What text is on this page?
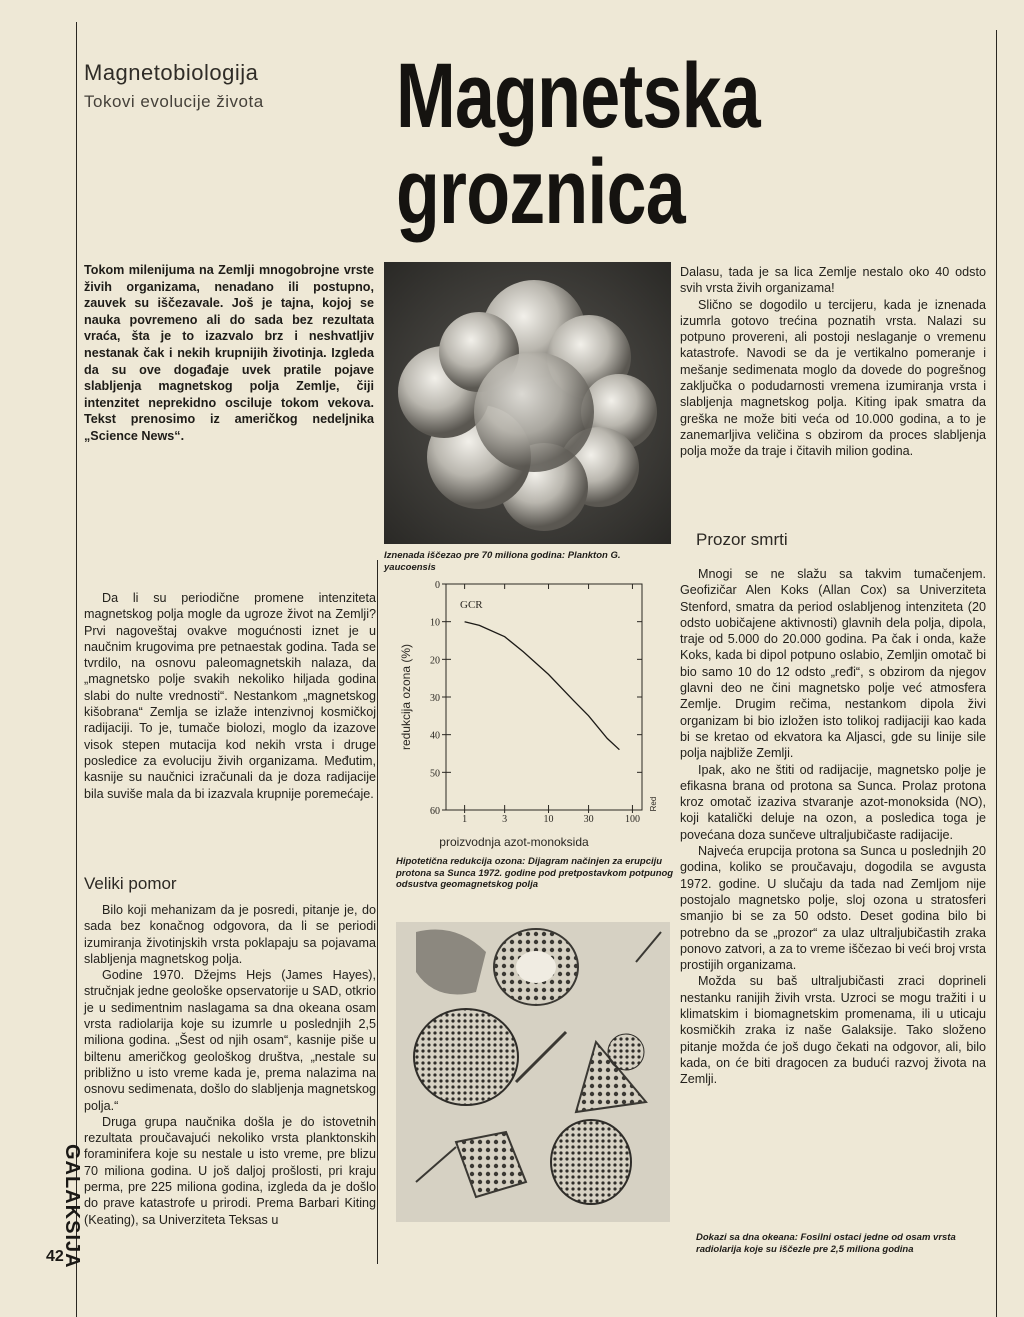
Magnetobiologija
Tokovi evolucije života Magnetska
groznica
Tokom milenijuma na Zemlji mnogobrojne vrste živih organizama, nenadano ili postupno, zauvek su iščezavale. Još je tajna, kojoj se nauka povremeno ali do sada bez rezultata vraća, šta je to izazvalo brz i neshvatljiv nestanak čak i nekih krupnijih životinja. Izgleda da su ove događaje uvek pratile pojave slabljenja magnetskog polja Zemlje, čiji intenzitet neprekidno osciluje tokom vekova. Tekst prenosimo iz američkog nedeljnika „Science News“.

Da li su periodične promene intenziteta magnetskog polja mogle da ugroze život na Zemlji? Prvi nagoveštaj ovakve mogućnosti iznet je u naučnim krugovima pre petnaestak godina. Tada se tvrdilo, na osnovu paleomagnetskih nalaza, da „magnetsko polje svakih nekoliko hiljada godina slabi do nulte vrednosti“. Nestankom „magnetskog kišobrana“ Zemlja se izlaže intenzivnoj kosmičkoj radijaciji. To je, tumače biolozi, moglo da izazove visok stepen mutacija kod nekih vrsta i druge posledice za evoluciju živih organizama. Međutim, kasnije su naučnici izračunali da je doza radijacije bila suviše mala da bi izazvala krupnije poremećaje.

Veliki pomor

Bilo koji mehanizam da je posredi, pitanje je, do sada bez konačnog odgovora, da li se periodi izumiranja životinjskih vrsta poklapaju sa pojavama slabljenja magnetskog polja.

Godine 1970. Džejms Hejs (James Hayes), stručnjak jedne geološke opservatorije u SAD, otkrio je u sedimentnim naslagama sa dna okeana osam vrsta radiolarija koje su izumrle u poslednjih 2,5 miliona godina. „Šest od njih osam“, kasnije piše u biltenu američkog geološkog društva, „nestale su približno u isto vreme kada je, prema nalazima na osnovu sedimenata, došlo do slabljenja magnetskog polja.“

Druga grupa naučnika došla je do istovetnih rezultata proučavajući nekoliko vrsta planktonskih foraminifera koje su nestale u isto vreme, pre blizu 70 miliona godina. U još daljoj prošlosti, pri kraju perma, pre 225 miliona godina, izgleda da je došlo do prave katastrofe u prirodi. Prema Barbari Kiting (Keating), sa Univerziteta Teksas u

Iznenada iščezao pre 70 miliona godina: Plankton G. yaucoensis
0
10
20
30
40
50
60
1	3	10	30	100
GCR
redukcija ozona (%)
proizvodnja azot-monoksida
Red
Hipotetična redukcija ozona: Dijagram načinjen za erupciju protona sa Sunca 1972. godine pod pretpostavkom potpunog odsustva geomagnetskog polja

Dalasu, tada je sa lica Zemlje nestalo oko 40 odsto svih vrsta živih organizama!

Slično se dogodilo u tercijeru, kada je iznenada izumrla gotovo trećina poznatih vrsta. Nalazi su potpuno provereni, ali postoji neslaganje o vremenu katastrofe. Navodi se da je vertikalno pomeranje i mešanje sedimenata moglo da dovede do pogrešnog zaključka o podudarnosti vremena izumiranja vrsta i slabljenja magnetskog polja. Kiting ipak smatra da greška ne može biti veća od 10.000 godina, a to je zanemarljiva veličina s obzirom da proces slabljenja polja može da traje i čitavih milion godina.

Prozor smrti

Mnogi se ne slažu sa takvim tumačenjem. Geofizičar Alen Koks (Allan Cox) sa Univerziteta Stenford, smatra da period oslabljenog intenziteta (20 odsto uobičajene aktivnosti) glavnih dela polja, dipola, traje od 5.000 do 20.000 godina. Pa čak i onda, kaže Koks, kada bi dipol potpuno oslabio, Zemljin omotač bi bio samo 10 do 12 odsto „ređi“, s obzirom da njegov glavni deo ne čini magnetsko polje već atmosfera Zemlje. Drugim rečima, nestankom dipola živi organizam bi bio izložen isto tolikoj radijaciji kao kada bi se kretao od ekvatora ka Aljasci, gde su linije sile polja najbliže Zemlji.

Ipak, ako ne štiti od radijacije, magnetsko polje je efikasna brana od protona sa Sunca. Prolaz protona kroz omotač izaziva stvaranje azot-monoksida (NO), koji katalički deluje na ozon, a posledica toga je povećana doza sunčeve ultraljubičaste radijacije.

Najveća erupcija protona sa Sunca u poslednjih 20 godina, koliko se proučavaju, dogodila se avgusta 1972. godine. U slučaju da tada nad Zemljom nije postojalo magnetsko polje, sloj ozona u stratosferi smanjio bi se za 50 odsto. Deset godina bilo bi potrebno da se „prozor“ za ulaz ultraljubičastih zraka ponovo zatvori, a za to vreme iščezao bi veći broj vrsta prostijih organizama.

Možda su baš ultraljubičasti zraci doprineli nestanku ranijih živih vrsta. Uzroci se mogu tražiti i u klimatskim i biomagnetskim promenama, ili u uticaju kosmičkih zraka iz naše Galaksije. Tako složeno pitanje možda će još dugo čekati na odgovor, ali, bilo kada, on će biti dragocen za budući razvoj života na Zemlji.

Dokazi sa dna okeana: Fosilni ostaci jedne od osam vrsta radiolarija koje su iščezle pre 2,5 miliona godina
GALAKSIJA
42
